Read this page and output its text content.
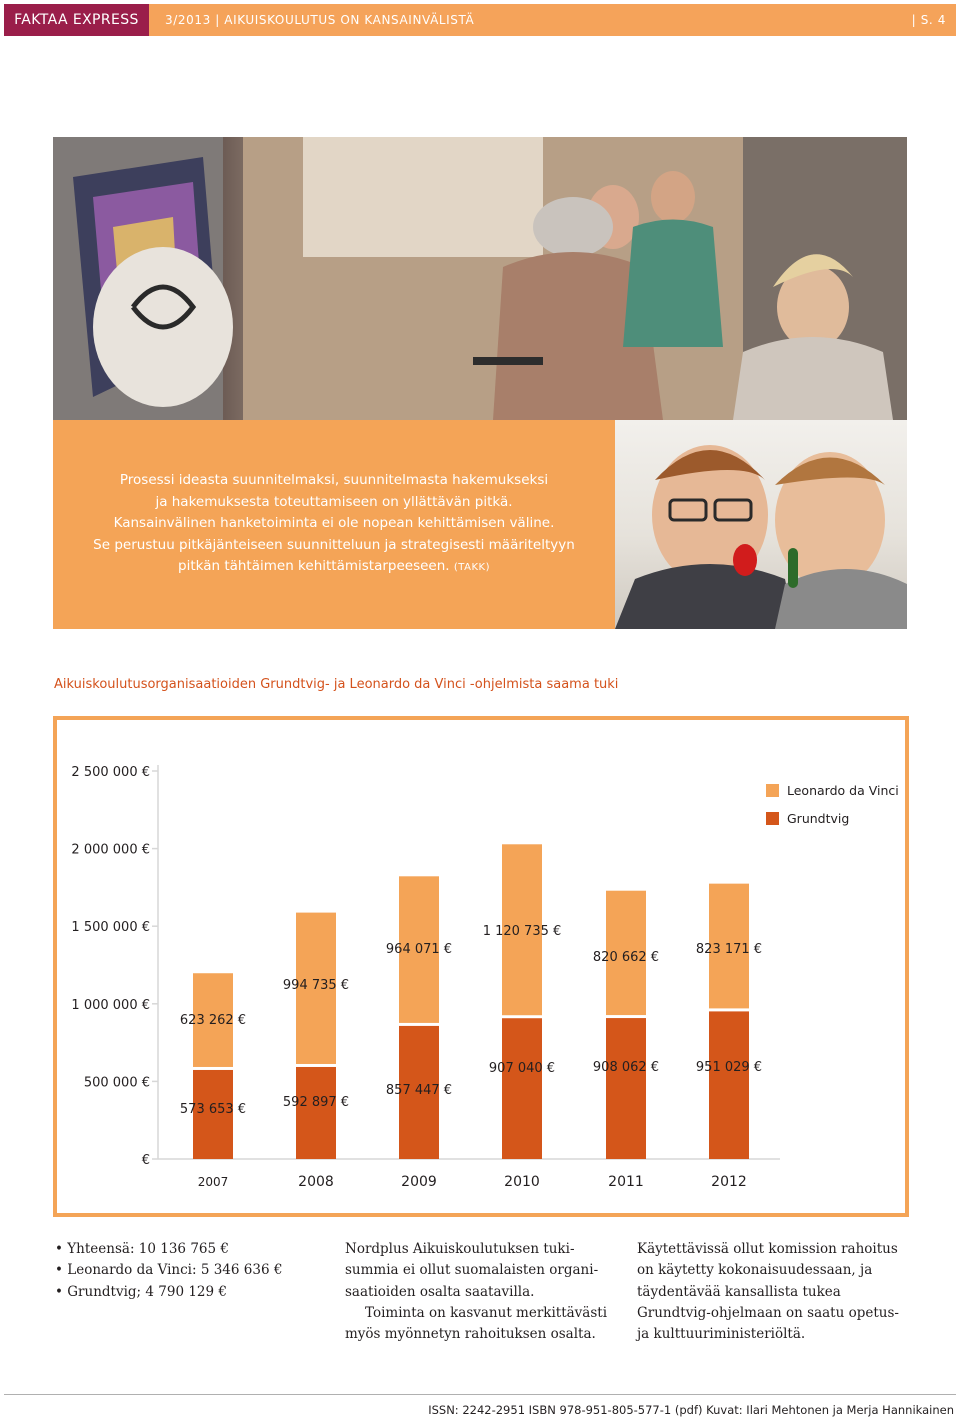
FAKTAA EXPRESS	3/2013 | AIKUISKOULUTUS ON KANSAINVÄLISTÄ	| S. 4
Prosessi ideasta suunnitelmaksi, suunnitelmasta hakemukseksi
ja hakemuksesta toteuttamiseen on yllättävän pitkä.
Kansainvälinen hanketoiminta ei ole nopean kehittämisen väline.
Se perustuu pitkäjänteiseen suunnitteluun ja strategisesti määriteltyyn
pitkän tähtäimen kehittämistarpeeseen. (TAKK)
Aikuiskoulutusorganisaatioiden Grundtvig- ja Leonardo da Vinci -ohjelmista saama tuki
€
500 000 €
1 000 000 €
1 500 000 €
2 000 000 €
2 500 000 €
573 653 €
623 262 €
2007
592 897 €
994 735 €
2008
857 447 €
964 071 €
2009
907 040 €
1 120 735 €
2010
908 062 €
820 662 €
2011
951 029 €
823 171 €
2012
Leonardo da Vinci
Grundtvig
• Yhteensä: 10 136 765 €
• Leonardo da Vinci: 5 346 636 €
• Grundtvig; 4 790 129 €

Nordplus Aikuiskoulutuksen tukisummia ei ollut suomalaisten organisaatioiden osalta saatavilla.

Toiminta on kasvanut merkittävästi myös myönnetyn rahoituksen osalta.

Käytettävissä ollut komission rahoitus on käytetty kokonaisuudessaan, ja täydentävää kansallista tukea Grundtvig-ohjelmaan on saatu opetus- ja kulttuuriministeriöltä.

ISSN: 2242-2951 ISBN 978-951-805-577-1 (pdf) Kuvat: Ilari Mehtonen ja Merja Hannikainen
